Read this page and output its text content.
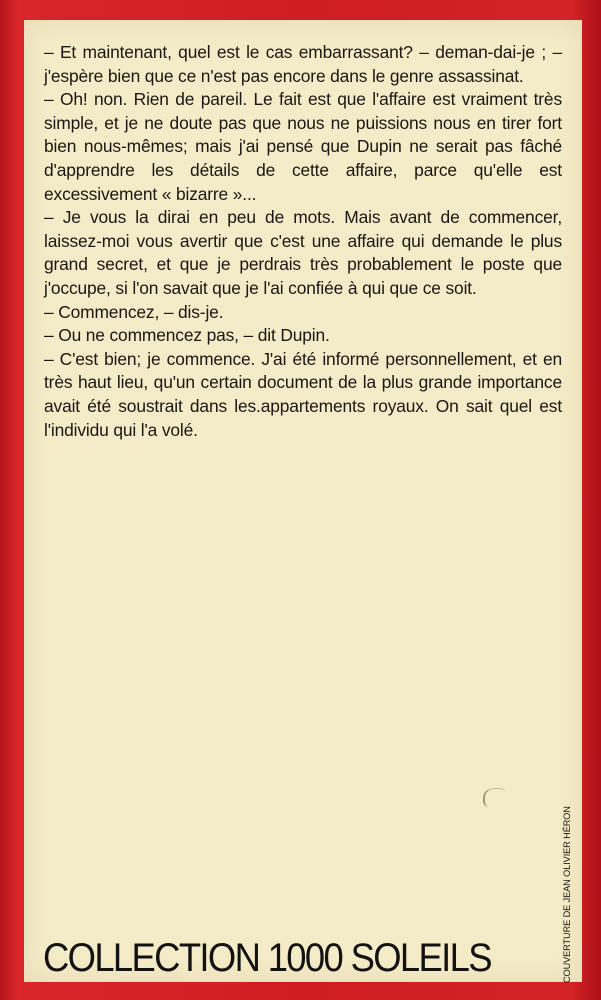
– Et maintenant, quel est le cas embarrassant? – deman-dai-je ; – j'espère bien que ce n'est pas encore dans le genre assassinat.

– Oh! non. Rien de pareil. Le fait est que l'affaire est vraiment très simple, et je ne doute pas que nous ne puissions nous en tirer fort bien nous-mêmes; mais j'ai pensé que Dupin ne serait pas fâché d'apprendre les détails de cette affaire, parce qu'elle est excessivement « bizarre »...

– Je vous la dirai en peu de mots. Mais avant de commencer, laissez-moi vous avertir que c'est une affaire qui demande le plus grand secret, et que je perdrais très probablement le poste que j'occupe, si l'on savait que je l'ai confiée à qui que ce soit.

– Commencez, – dis-je.

– Ou ne commencez pas, – dit Dupin.

– C'est bien; je commence. J'ai été informé personnellement, et en très haut lieu, qu'un certain document de la plus grande importance avait été soustrait dans les.appartements royaux. On sait quel est l'individu qui l'a volé.

COLLECTION 1000 SOLEILS	COUVERTURE DE JEAN OLIVIER HÉRON
